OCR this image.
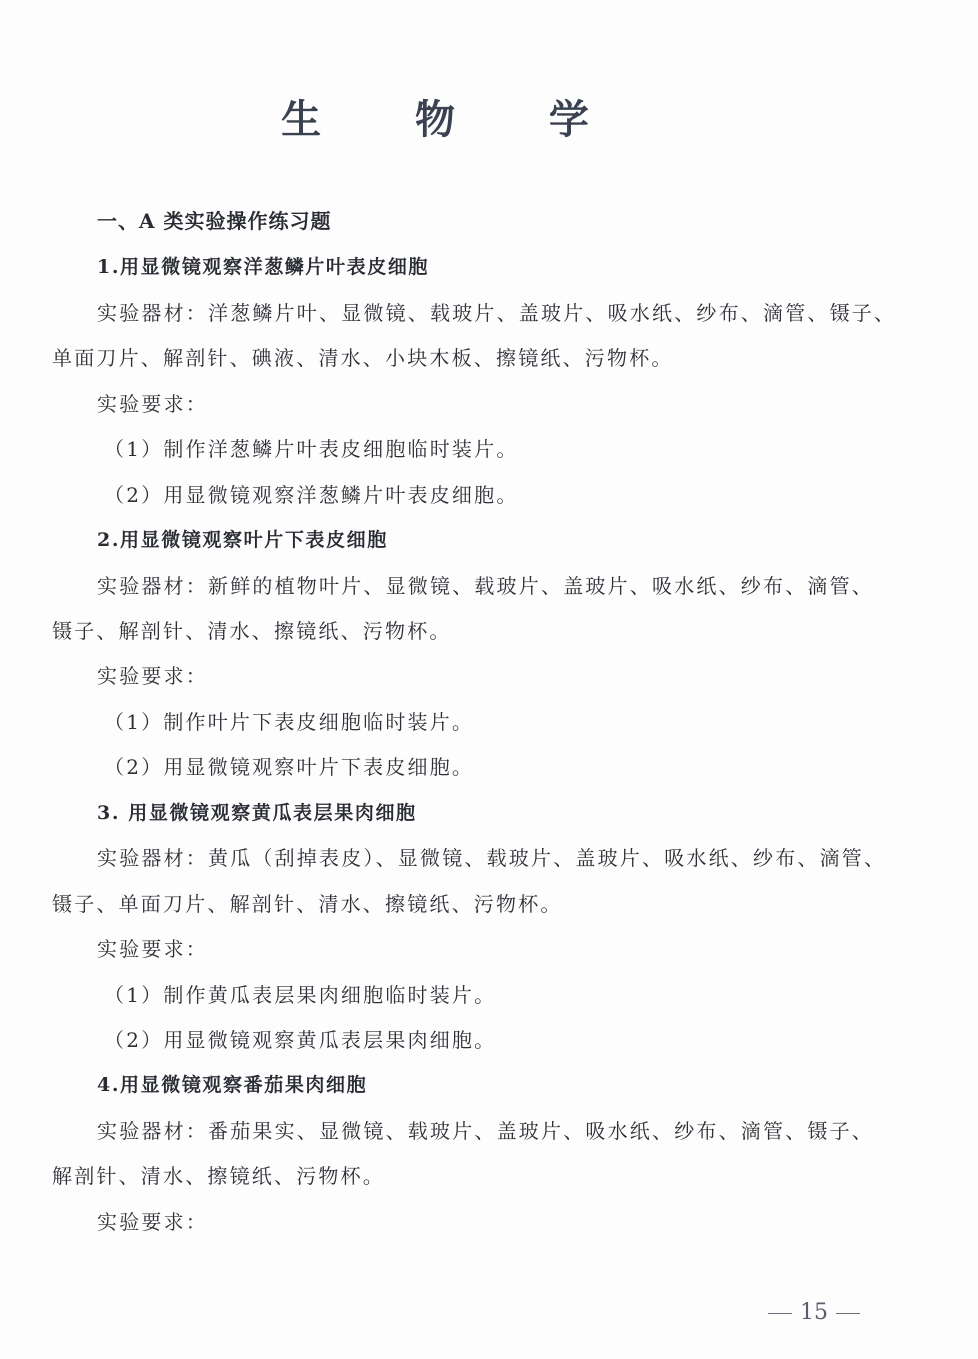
生 物 学
一、A 类实验操作练习题
1.用显微镜观察洋葱鳞片叶表皮细胞
实验器材：洋葱鳞片叶、显微镜、载玻片、盖玻片、吸水纸、纱布、滴管、镊子、
单面刀片、解剖针、碘液、清水、小块木板、擦镜纸、污物杯。
实验要求：
（1）制作洋葱鳞片叶表皮细胞临时装片。
（2）用显微镜观察洋葱鳞片叶表皮细胞。
2.用显微镜观察叶片下表皮细胞
实验器材：新鲜的植物叶片、显微镜、载玻片、盖玻片、吸水纸、纱布、滴管、
镊子、解剖针、清水、擦镜纸、污物杯。
实验要求：
（1）制作叶片下表皮细胞临时装片。
（2）用显微镜观察叶片下表皮细胞。
3. 用显微镜观察黄瓜表层果肉细胞
实验器材：黄瓜（刮掉表皮）、显微镜、载玻片、盖玻片、吸水纸、纱布、滴管、
镊子、单面刀片、解剖针、清水、擦镜纸、污物杯。
实验要求：
（1）制作黄瓜表层果肉细胞临时装片。
（2）用显微镜观察黄瓜表层果肉细胞。
4.用显微镜观察番茄果肉细胞
实验器材：番茄果实、显微镜、载玻片、盖玻片、吸水纸、纱布、滴管、镊子、
解剖针、清水、擦镜纸、污物杯。
实验要求：
15
